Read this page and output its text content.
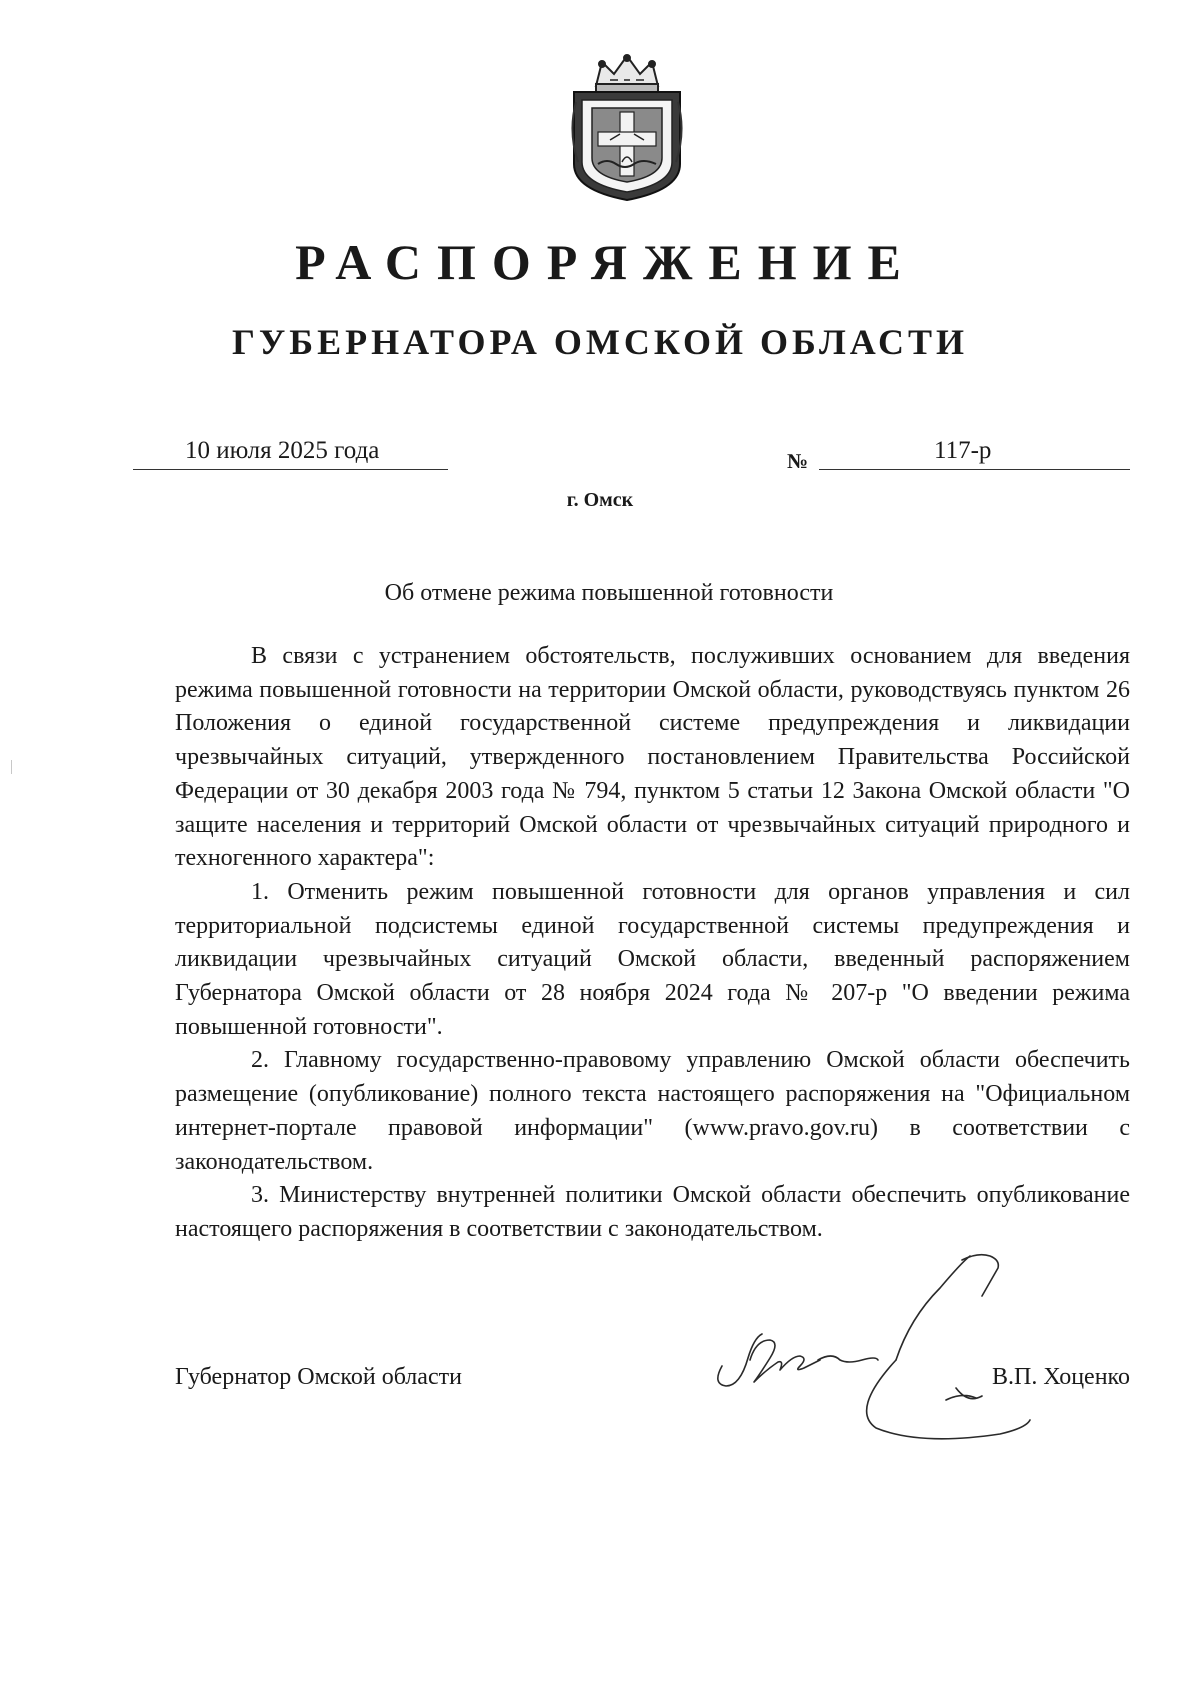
РАСПОРЯЖЕНИЕ
ГУБЕРНАТОРА ОМСКОЙ ОБЛАСТИ
10 июля 2025 года	№	117-р
г. Омск
Об отмене режима повышенной готовности

В связи с устранением обстоятельств, послуживших основанием для введения режима повышенной готовности на территории Омской области, руководствуясь пунктом 26 Положения о единой государственной системе предупреждения и ликвидации чрезвычайных ситуаций, утвержденного постановлением Правительства Российской Федерации от 30 декабря 2003 года № 794, пунктом 5 статьи 12 Закона Омской области "О защите населения и территорий Омской области от чрезвычайных ситуаций природного и техногенного характера":

1. Отменить режим повышенной готовности для органов управления и сил территориальной подсистемы единой государственной системы предупреждения и ликвидации чрезвычайных ситуаций Омской области, введенный распоряжением Губернатора Омской области от 28 ноября 2024 года № 207-р "О введении режима повышенной готовности".

2. Главному государственно-правовому управлению Омской области обеспечить размещение (опубликование) полного текста настоящего распоряжения на "Официальном интернет-портале правовой информации" (www.pravo.gov.ru) в соответствии с законодательством.

3. Министерству внутренней политики Омской области обеспечить опубликование настоящего распоряжения в соответствии с законодательством.

Губернатор Омской области	В.П. Хоценко
